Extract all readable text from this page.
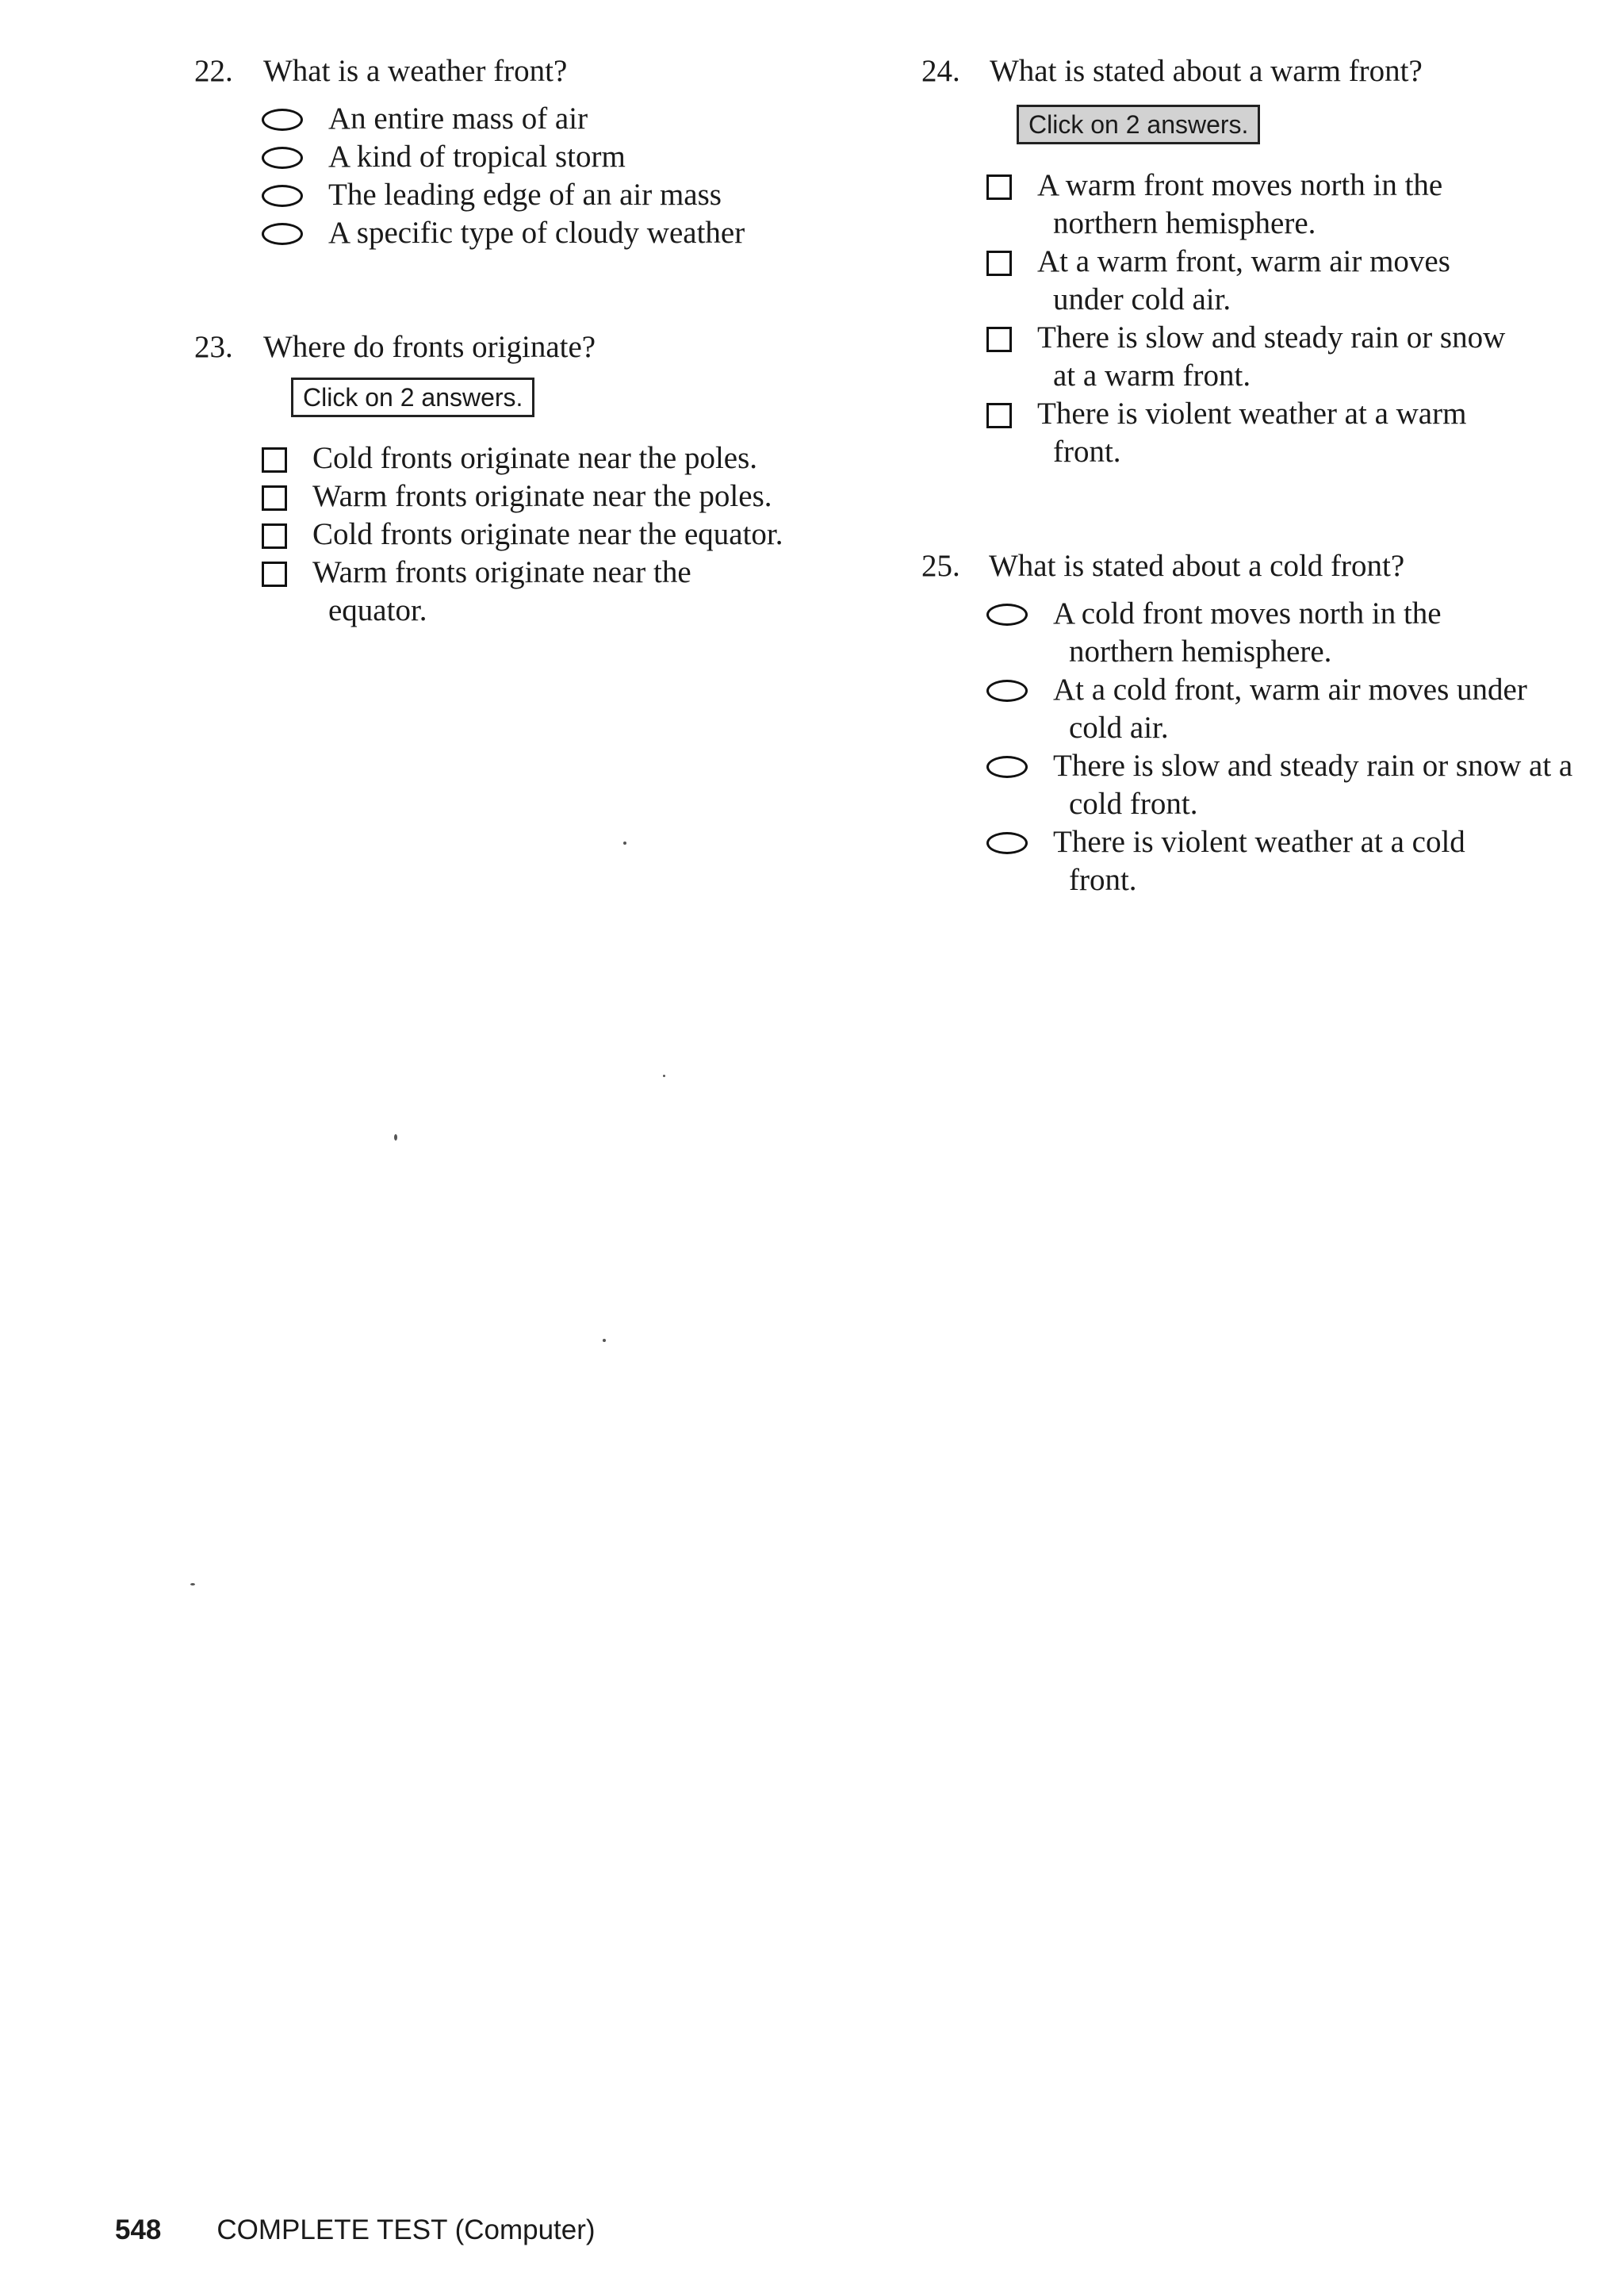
22. What is a weather front?
An entire mass of air
A kind of tropical storm
The leading edge of an air mass
A specific type of cloudy weather
23. Where do fronts originate?
Click on 2 answers.
Cold fronts originate near the poles.
Warm fronts originate near the poles.
Cold fronts originate near the equator.
Warm fronts originate near the equator.
24. What is stated about a warm front?
Click on 2 answers.
A warm front moves north in the northern hemisphere.
At a warm front, warm air moves under cold air.
There is slow and steady rain or snow at a warm front.
There is violent weather at a warm front.
25. What is stated about a cold front?
A cold front moves north in the northern hemisphere.
At a cold front, warm air moves under cold air.
There is slow and steady rain or snow at a cold front.
There is violent weather at a cold front.
548 COMPLETE TEST (Computer)
